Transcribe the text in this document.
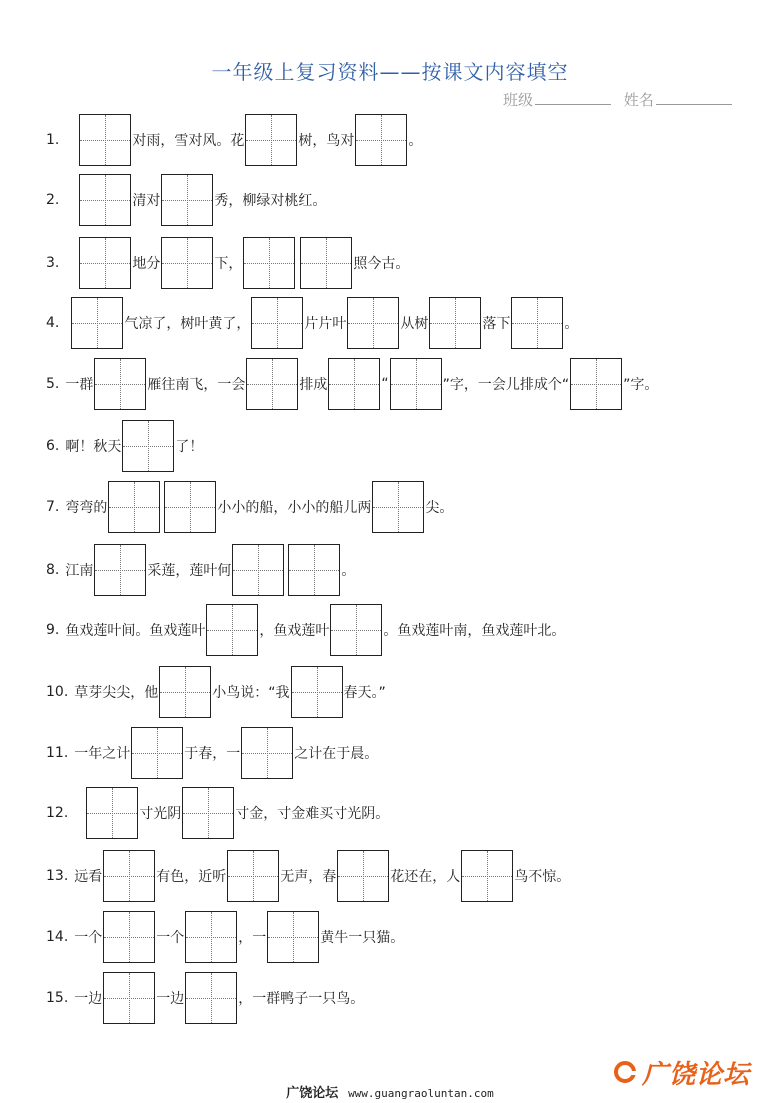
一年级上复习资料——按课文内容填空
班级	姓名
1.	对雨，雪对风。花	树，鸟对	。
2.	清对	秀，柳绿对桃红。
3.	地分	下，	照今古。
4.	气凉了，树叶黄了，	片片叶	从树	落下	。
5. 一群	雁往南飞，一会	排成	“	”字，一会儿排成个“	”字。
6. 啊！秋天	了！
7. 弯弯的	小小的船，小小的船儿两	尖。
8. 江南	采莲，莲叶何	。
9. 鱼戏莲叶间。鱼戏莲叶	，鱼戏莲叶	。鱼戏莲叶南，鱼戏莲叶北。
10. 草芽尖尖，他	小鸟说：“我	春天。”
11. 一年之计	于春，一	之计在于晨。
12.	寸光阴	寸金，寸金难买寸光阴。
13. 远看	有色，近听	无声，春	花还在，人	鸟不惊。
14. 一个	一个	，一	黄牛一只猫。
15. 一边	一边	，一群鸭子一只鸟。
广饶论坛
广饶论坛 www.guangraoluntan.com
